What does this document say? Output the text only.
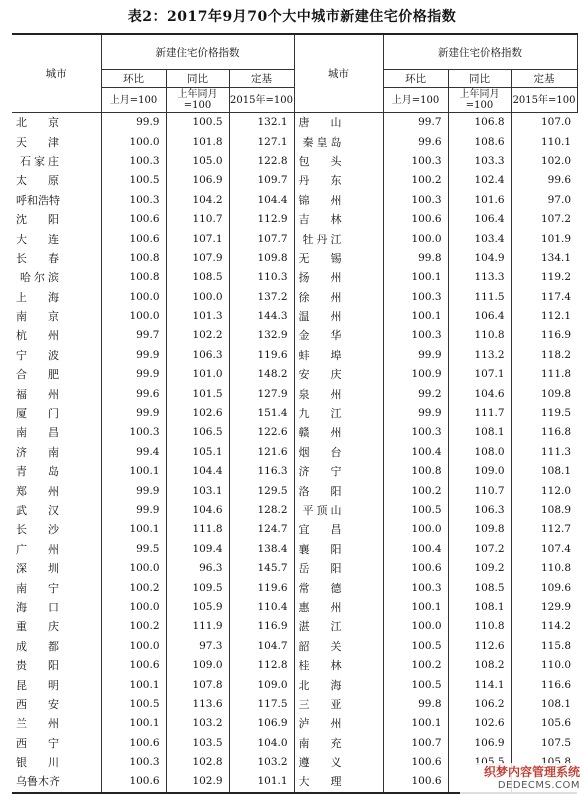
表2：2017年9月70个大中城市新建住宅价格指数
城市	新建住宅价格指数			城市	新建住宅价格指数		
	环比	同比	定基		环比	同比	定基
	上月=100	上年同月=100	2015年=100		上月=100	上年同月=100	2015年=100
北京	99.9	100.5	132.1	唐山	99.7	106.8	107.0
天津	100.0	101.8	127.1	秦皇岛	99.6	108.6	110.1
石家庄	100.3	105.0	122.8	包头	100.3	103.3	102.0
太原	100.5	106.9	109.7	丹东	100.2	102.4	99.6
呼和浩特	100.3	104.2	104.4	锦州	100.3	101.6	97.0
沈阳	100.6	110.7	112.9	吉林	100.6	106.4	107.2
大连	100.6	107.1	107.7	牡丹江	100.0	103.4	101.9
长春	100.8	107.9	109.8	无锡	99.8	104.9	134.1
哈尔滨	100.8	108.5	110.3	扬州	100.1	113.3	119.2
上海	100.0	100.0	137.2	徐州	100.3	111.5	117.4
南京	100.0	101.3	144.3	温州	100.1	106.4	112.1
杭州	99.7	102.2	132.9	金华	100.3	110.8	116.9
宁波	99.9	106.3	119.6	蚌埠	99.9	113.2	118.2
合肥	99.9	101.0	148.2	安庆	100.9	107.1	111.8
福州	99.6	101.5	127.9	泉州	99.2	104.6	109.8
厦门	99.9	102.6	151.4	九江	99.9	111.7	119.5
南昌	100.3	106.5	122.6	赣州	100.3	108.1	116.8
济南	99.4	105.1	121.6	烟台	100.4	108.0	111.3
青岛	100.1	104.4	116.3	济宁	100.8	109.0	108.1
郑州	99.9	103.1	129.5	洛阳	100.2	110.7	112.0
武汉	99.9	104.6	128.2	平顶山	100.5	106.3	108.9
长沙	100.1	111.8	124.7	宜昌	100.0	109.8	112.7
广州	99.5	109.4	138.4	襄阳	100.4	107.2	107.4
深圳	100.0	96.3	145.7	岳阳	100.6	109.2	110.8
南宁	100.2	109.5	119.6	常德	100.3	108.5	109.6
海口	100.0	105.9	110.4	惠州	100.1	108.1	129.9
重庆	100.2	111.9	116.9	湛江	100.0	110.8	114.2
成都	100.0	97.3	104.7	韶关	100.5	112.6	115.8
贵阳	100.6	109.0	112.8	桂林	100.2	108.2	110.0
昆明	100.1	107.8	109.0	北海	100.5	114.1	116.6
西安	100.5	113.6	117.5	三亚	99.8	106.2	108.1
兰州	100.1	103.2	106.9	泸州	100.1	102.6	105.6
西宁	100.6	103.5	104.0	南充	100.7	106.9	107.5
银川	100.3	102.8	103.2	遵义	100.6		
乌鲁木齐	100.6	102.9	101.1	大理	100.6		
织梦内容管理系统
DEDECMS.COM
